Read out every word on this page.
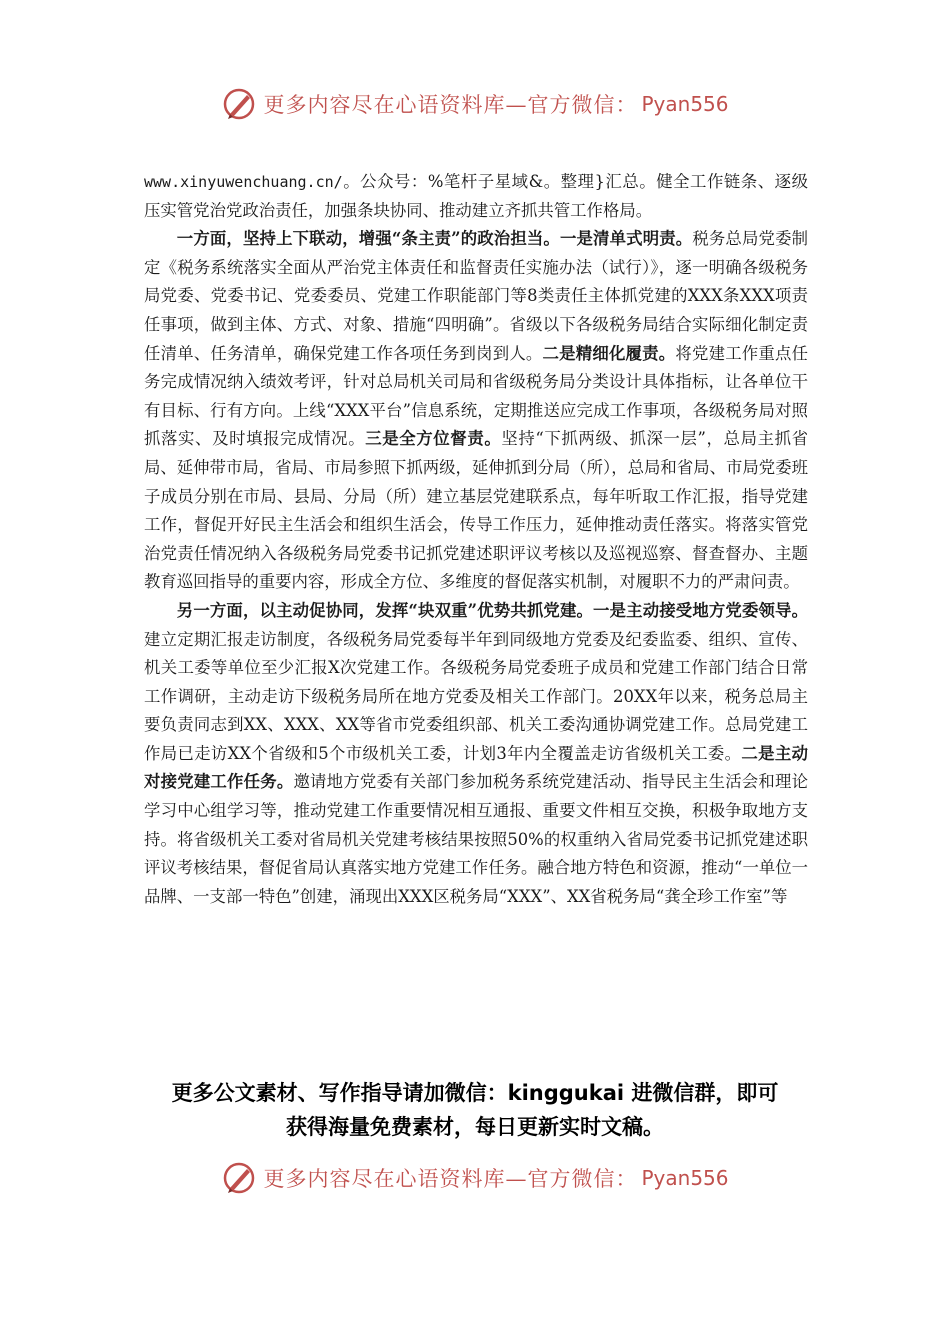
更多内容尽在心语资料库—官方微信： Pyan556

www.xinyuwenchuang.cn/。公众号：%笔杆子星域&。整理}汇总。健全工作链条、逐级压实管党治党政治责任，加强条块协同、推动建立齐抓共管工作格局。

一方面，坚持上下联动，增强“条主责”的政治担当。一是清单式明责。税务总局党委制定《税务系统落实全面从严治党主体责任和监督责任实施办法（试行）》，逐一明确各级税务局党委、党委书记、党委委员、党建工作职能部门等8类责任主体抓党建的XXX条XXX项责任事项，做到主体、方式、对象、措施“四明确”。省级以下各级税务局结合实际细化制定责任清单、任务清单，确保党建工作各项任务到岗到人。二是精细化履责。将党建工作重点任务完成情况纳入绩效考评，针对总局机关司局和省级税务局分类设计具体指标，让各单位干有目标、行有方向。上线“XXX平台”信息系统，定期推送应完成工作事项，各级税务局对照抓落实、及时填报完成情况。三是全方位督责。坚持“下抓两级、抓深一层”，总局主抓省局、延伸带市局，省局、市局参照下抓两级，延伸抓到分局（所），总局和省局、市局党委班子成员分别在市局、县局、分局（所）建立基层党建联系点，每年听取工作汇报，指导党建工作，督促开好民主生活会和组织生活会，传导工作压力，延伸推动责任落实。将落实管党治党责任情况纳入各级税务局党委书记抓党建述职评议考核以及巡视巡察、督查督办、主题教育巡回指导的重要内容，形成全方位、多维度的督促落实机制，对履职不力的严肃问责。

另一方面，以主动促协同，发挥“块双重”优势共抓党建。一是主动接受地方党委领导。建立定期汇报走访制度，各级税务局党委每半年到同级地方党委及纪委监委、组织、宣传、机关工委等单位至少汇报X次党建工作。各级税务局党委班子成员和党建工作部门结合日常工作调研，主动走访下级税务局所在地方党委及相关工作部门。20XX年以来，税务总局主要负责同志到XX、XXX、XX等省市党委组织部、机关工委沟通协调党建工作。总局党建工作局已走访XX个省级和5个市级机关工委，计划3年内全覆盖走访省级机关工委。二是主动对接党建工作任务。邀请地方党委有关部门参加税务系统党建活动、指导民主生活会和理论学习中心组学习等，推动党建工作重要情况相互通报、重要文件相互交换，积极争取地方支持。将省级机关工委对省局机关党建考核结果按照50%的权重纳入省局党委书记抓党建述职评议考核结果，督促省局认真落实地方党建工作任务。融合地方特色和资源，推动“一单位一品牌、一支部一特色”创建，涌现出XXX区税务局“XXX”、XX省税务局“龚全珍工作室”等

更多公文素材、写作指导请加微信：kinggukai 进微信群，即可
获得海量免费素材，每日更新实时文稿。
更多内容尽在心语资料库—官方微信： Pyan556
